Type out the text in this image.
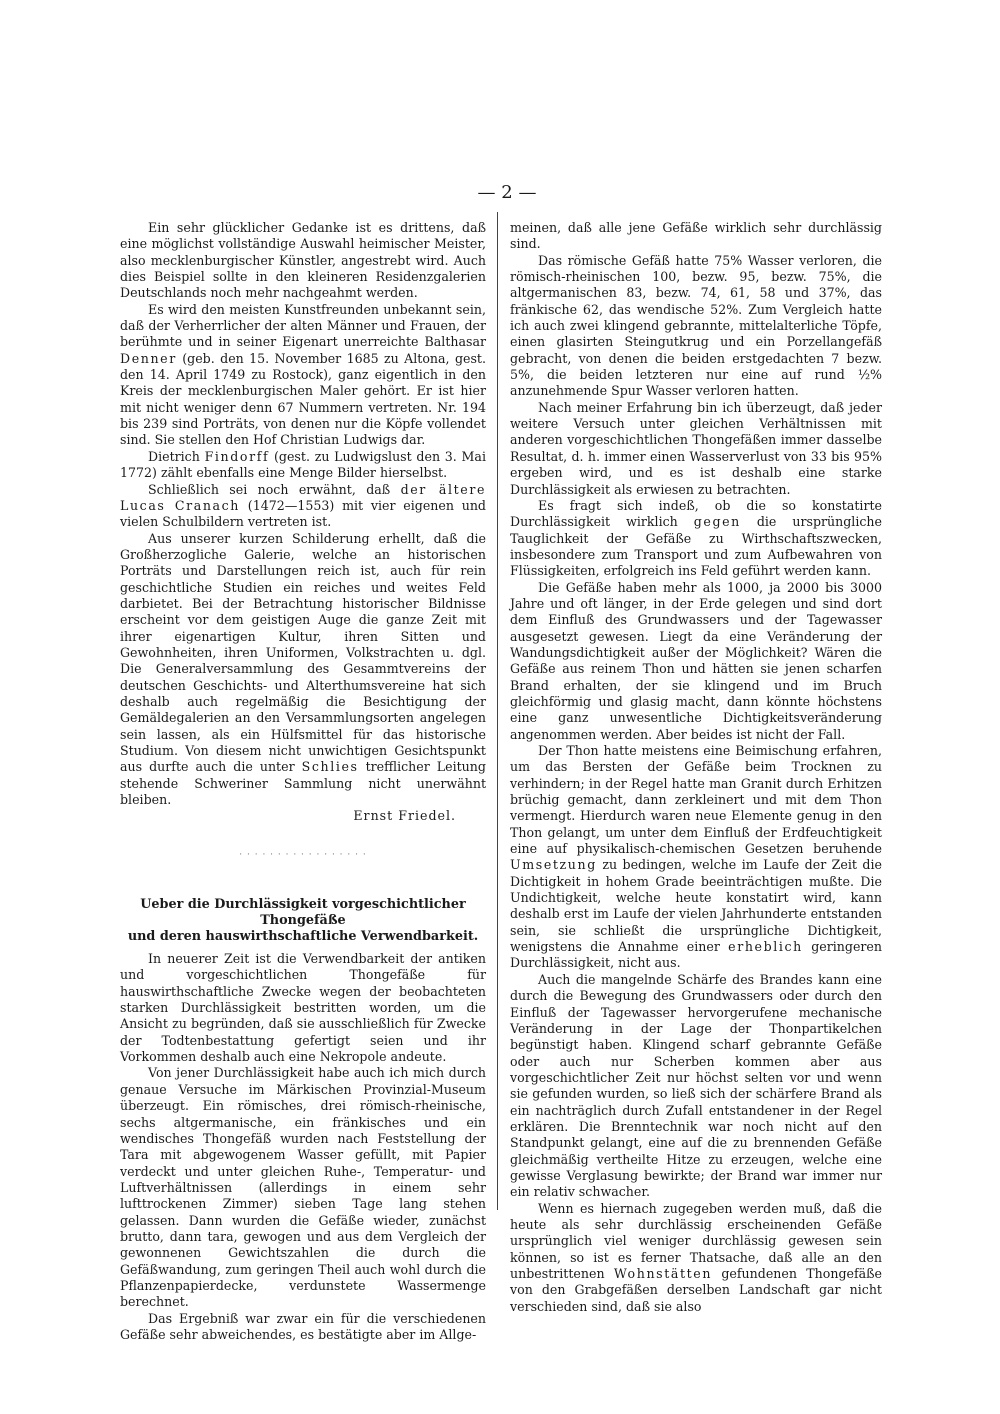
— 2 —

Ein sehr glücklicher Gedanke ist es drittens, daß eine möglichst vollständige Auswahl heimischer Meister, also mecklenburgischer Künstler, angestrebt wird. Auch dies Beispiel sollte in den kleineren Residenzgalerien Deutschlands noch mehr nachgeahmt werden.

Es wird den meisten Kunstfreunden unbekannt sein, daß der Verherrlicher der alten Männer und Frauen, der berühmte und in seiner Eigenart unerreichte Balthasar Denner (geb. den 15. November 1685 zu Altona, gest. den 14. April 1749 zu Rostock), ganz eigentlich in den Kreis der mecklenburgischen Maler gehört. Er ist hier mit nicht weniger denn 67 Nummern vertreten. Nr. 194 bis 239 sind Porträts, von denen nur die Köpfe vollendet sind. Sie stellen den Hof Christian Ludwigs dar.

Dietrich Findorff (gest. zu Ludwigslust den 3. Mai 1772) zählt ebenfalls eine Menge Bilder hierselbst.

Schließlich sei noch erwähnt, daß der ältere Lucas Cranach (1472—1553) mit vier eigenen und vielen Schulbildern vertreten ist.

Aus unserer kurzen Schilderung erhellt, daß die Großherzogliche Galerie, welche an historischen Porträts und Darstellungen reich ist, auch für rein geschichtliche Studien ein reiches und weites Feld darbietet. Bei der Betrachtung historischer Bildnisse erscheint vor dem geistigen Auge die ganze Zeit mit ihrer eigenartigen Kultur, ihren Sitten und Gewohnheiten, ihren Uniformen, Volkstrachten u. dgl. Die Generalversammlung des Gesammtvereins der deutschen Geschichts- und Alterthumsvereine hat sich deshalb auch regelmäßig die Besichtigung der Gemäldegalerien an den Versammlungsorten angelegen sein lassen, als ein Hülfsmittel für das historische Studium. Von diesem nicht unwichtigen Gesichtspunkt aus durfte auch die unter Schlies trefflicher Leitung stehende Schweriner Sammlung nicht unerwähnt bleiben.

Ernst Friedel.

· · · · · · · · · · · · · · · · ·
Ueber die Durchlässigkeit vorgeschichtlicher Thongefäße
und deren hauswirthschaftliche Verwendbarkeit.

In neuerer Zeit ist die Verwendbarkeit der antiken und vorgeschichtlichen Thongefäße für hauswirthschaftliche Zwecke wegen der beobachteten starken Durchlässigkeit bestritten worden, um die Ansicht zu begründen, daß sie ausschließlich für Zwecke der Todtenbestattung gefertigt seien und ihr Vorkommen deshalb auch eine Nekropole andeute.

Von jener Durchlässigkeit habe auch ich mich durch genaue Versuche im Märkischen Provinzial-Museum überzeugt. Ein römisches, drei römisch-rheinische, sechs altgermanische, ein fränkisches und ein wendisches Thongefäß wurden nach Feststellung der Tara mit abgewogenem Wasser gefüllt, mit Papier verdeckt und unter gleichen Ruhe-, Temperatur- und Luftverhältnissen (allerdings in einem sehr lufttrockenen Zimmer) sieben Tage lang stehen gelassen. Dann wurden die Gefäße wieder, zunächst brutto, dann tara, gewogen und aus dem Vergleich der gewonnenen Gewichtszahlen die durch die Gefäßwandung, zum geringen Theil auch wohl durch die Pflanzenpapierdecke, verdunstete Wassermenge berechnet.

Das Ergebniß war zwar ein für die verschiedenen Gefäße sehr abweichendes, es bestätigte aber im Allge-

meinen, daß alle jene Gefäße wirklich sehr durchlässig sind.

Das römische Gefäß hatte 75% Wasser verloren, die römisch-rheinischen 100, bezw. 95, bezw. 75%, die altgermanischen 83, bezw. 74, 61, 58 und 37%, das fränkische 62, das wendische 52%. Zum Vergleich hatte ich auch zwei klingend gebrannte, mittelalterliche Töpfe, einen glasirten Steingutkrug und ein Porzellangefäß gebracht, von denen die beiden erstgedachten 7 bezw. 5%, die beiden letzteren nur eine auf rund ½% anzunehmende Spur Wasser verloren hatten.

Nach meiner Erfahrung bin ich überzeugt, daß jeder weitere Versuch unter gleichen Verhältnissen mit anderen vorgeschichtlichen Thongefäßen immer dasselbe Resultat, d. h. immer einen Wasserverlust von 33 bis 95% ergeben wird, und es ist deshalb eine starke Durchlässigkeit als erwiesen zu betrachten.

Es fragt sich indeß, ob die so konstatirte Durchlässigkeit wirklich gegen die ursprüngliche Tauglichkeit der Gefäße zu Wirthschaftszwecken, insbesondere zum Transport und zum Aufbewahren von Flüssigkeiten, erfolgreich ins Feld geführt werden kann.

Die Gefäße haben mehr als 1000, ja 2000 bis 3000 Jahre und oft länger, in der Erde gelegen und sind dort dem Einfluß des Grundwassers und der Tagewasser ausgesetzt gewesen. Liegt da eine Veränderung der Wandungsdichtigkeit außer der Möglichkeit? Wären die Gefäße aus reinem Thon und hätten sie jenen scharfen Brand erhalten, der sie klingend und im Bruch gleichförmig und glasig macht, dann könnte höchstens eine ganz unwesentliche Dichtigkeitsveränderung angenommen werden. Aber beides ist nicht der Fall.

Der Thon hatte meistens eine Beimischung erfahren, um das Bersten der Gefäße beim Trocknen zu verhindern; in der Regel hatte man Granit durch Erhitzen brüchig gemacht, dann zerkleinert und mit dem Thon vermengt. Hierdurch waren neue Elemente genug in den Thon gelangt, um unter dem Einfluß der Erdfeuchtigkeit eine auf physikalisch-chemischen Gesetzen beruhende Umsetzung zu bedingen, welche im Laufe der Zeit die Dichtigkeit in hohem Grade beeinträchtigen mußte. Die Undichtigkeit, welche heute konstatirt wird, kann deshalb erst im Laufe der vielen Jahrhunderte entstanden sein, sie schließt die ursprüngliche Dichtigkeit, wenigstens die Annahme einer erheblich geringeren Durchlässigkeit, nicht aus.

Auch die mangelnde Schärfe des Brandes kann eine durch die Bewegung des Grundwassers oder durch den Einfluß der Tagewasser hervorgerufene mechanische Veränderung in der Lage der Thonpartikelchen begünstigt haben. Klingend scharf gebrannte Gefäße oder auch nur Scherben kommen aber aus vorgeschichtlicher Zeit nur höchst selten vor und wenn sie gefunden wurden, so ließ sich der schärfere Brand als ein nachträglich durch Zufall entstandener in der Regel erklären. Die Brenntechnik war noch nicht auf den Standpunkt gelangt, eine auf die zu brennenden Gefäße gleichmäßig vertheilte Hitze zu erzeugen, welche eine gewisse Verglasung bewirkte; der Brand war immer nur ein relativ schwacher.

Wenn es hiernach zugegeben werden muß, daß die heute als sehr durchlässig erscheinenden Gefäße ursprünglich viel weniger durchlässig gewesen sein können, so ist es ferner Thatsache, daß alle an den unbestrittenen Wohnstätten gefundenen Thongefäße von den Grabgefäßen derselben Landschaft gar nicht verschieden sind, daß sie also
